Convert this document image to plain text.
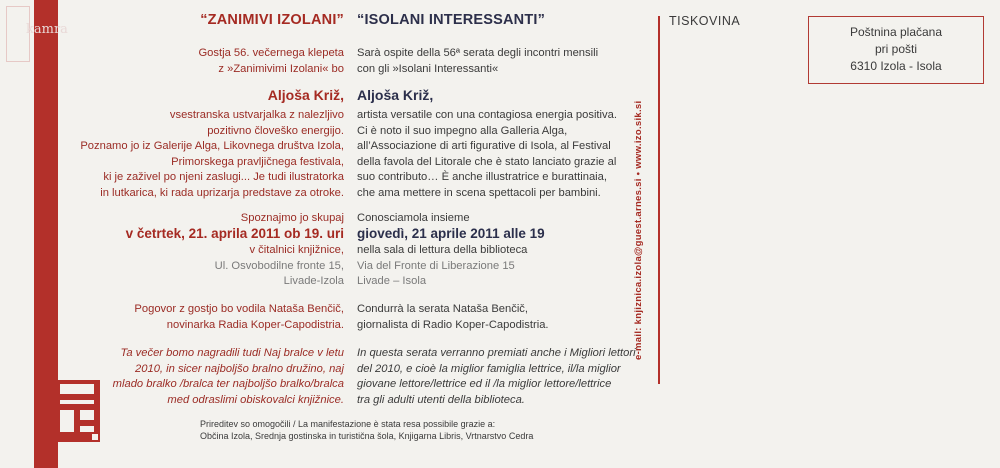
kamra
“ZANIMIVI IZOLANI”
Gostja 56. večernega klepeta
z »Zanimivimi Izolani« bo
Aljoša Križ,
vsestranska ustvarjalka z nalezljivo
pozitivno človeško energijo.
Poznamo jo iz Galerije Alga, Likovnega društva Izola,
Primorskega pravljičnega festivala,
ki je zaživel po njeni zaslugi... Je tudi ilustratorka
in lutkarica, ki rada uprizarja predstave za otroke.
Spoznajmo jo skupaj
v četrtek, 21. aprila 2011 ob 19. uri
v čitalnici knjižnice,
Ul. Osvobodilne fronte 15,
Livade-Izola
Pogovor z gostjo bo vodila Nataša Benčič,
novinarka Radia Koper-Capodistria.
Ta večer bomo nagradili tudi Naj bralce v letu
2010, in sicer najboljšo bralno družino, naj
mlado bralko /bralca ter najboljšo bralko/bralca
med odraslimi obiskovalci knjižnice.
“ISOLANI INTERESSANTI”
Sarà ospite della 56ª serata degli incontri mensili
con gli »Isolani Interessanti«
Aljoša Križ,
artista versatile con una contagiosa energia positiva.
Ci è noto il suo impegno alla Galleria Alga,
all’Associazione di arti figurative di Isola, al Festival
della favola del Litorale che è stato lanciato grazie al
suo contributo… È anche illustratrice e burattinaia,
che ama mettere in scena spettacoli per bambini.
Conosciamola insieme
giovedì, 21 aprile 2011 alle 19
nella sala di lettura della biblioteca
Via del Fronte di Liberazione 15
Livade – Isola
Condurrà la serata Nataša Benčič,
giornalista di Radio Koper-Capodistria.
In questa serata verranno premiati anche i Migliori lettori
del 2010, e cioè la miglior famiglia lettrice, il/la miglior
giovane lettore/lettrice ed il /la miglior lettore/lettrice
tra gli adulti utenti della biblioteca.
Prireditev so omogočili / La manifestazione è stata resa possibile grazie a:
Občina Izola, Srednja gostinska in turistična šola, Knjigarna Libris, Vrtnarstvo Cedra
e-mail: knjiznica.izola@guest.arnes.si • www.izo.sik.si
TISKOVINA
Poštnina plačana
pri pošti
6310 Izola - Isola
